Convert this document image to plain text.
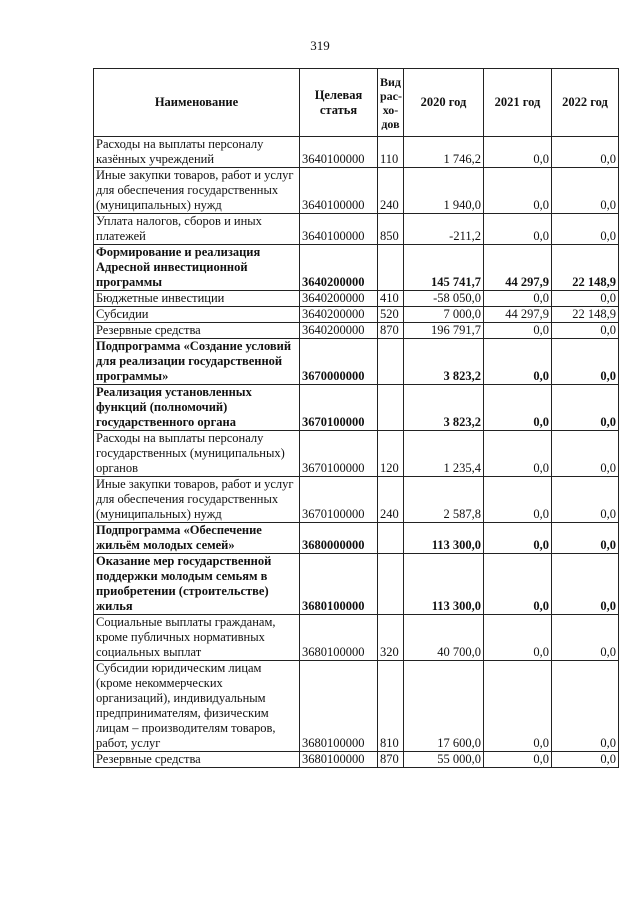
319
Наименование	Целевая статья	Вид рас-хо-дов	2020 год	2021 год	2022 год
Расходы на выплаты персоналу казённых учреждений	3640100000	110	1 746,2	0,0	0,0
Иные закупки товаров, работ и услуг для обеспечения государственных (муниципальных) нужд	3640100000	240	1 940,0	0,0	0,0
Уплата налогов, сборов и иных платежей	3640100000	850	-211,2	0,0	0,0
Формирование и реализация Адресной инвестиционной программы	3640200000		145 741,7	44 297,9	22 148,9
Бюджетные инвестиции	3640200000	410	-58 050,0	0,0	0,0
Субсидии	3640200000	520	7 000,0	44 297,9	22 148,9
Резервные средства	3640200000	870	196 791,7	0,0	0,0
Подпрограмма «Создание условий для реализации государственной программы»	3670000000		3 823,2	0,0	0,0
Реализация установленных функций (полномочий) государственного органа	3670100000		3 823,2	0,0	0,0
Расходы на выплаты персоналу государственных (муниципальных) органов	3670100000	120	1 235,4	0,0	0,0
Иные закупки товаров, работ и услуг для обеспечения государственных (муниципальных) нужд	3670100000	240	2 587,8	0,0	0,0
Подпрограмма «Обеспечение жильём молодых семей»	3680000000		113 300,0	0,0	0,0
Оказание мер государственной поддержки молодым семьям в приобретении (строительстве) жилья	3680100000		113 300,0	0,0	0,0
Социальные выплаты гражданам, кроме публичных нормативных социальных выплат	3680100000	320	40 700,0	0,0	0,0
Субсидии юридическим лицам (кроме некоммерческих организаций), индивидуальным предпринимателям, физическим лицам – производителям товаров, работ, услуг	3680100000	810	17 600,0	0,0	0,0
Резервные средства	3680100000	870	55 000,0	0,0	0,0
